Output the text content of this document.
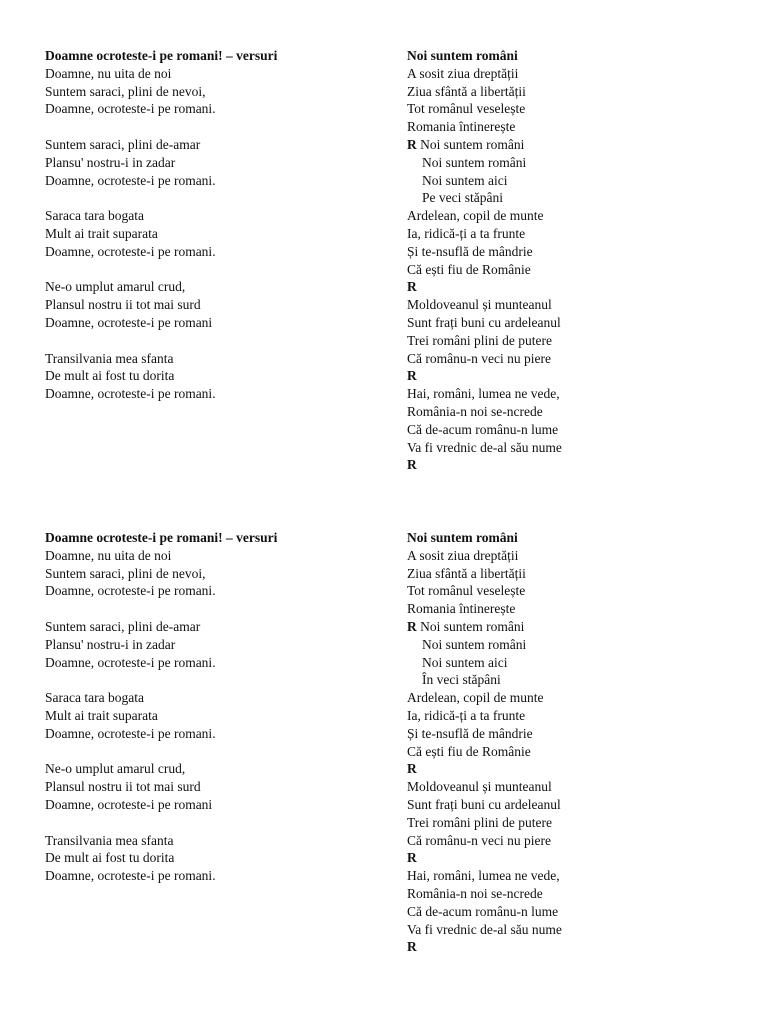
Doamne ocroteste-i pe romani! – versuri
Doamne, nu uita de noi
Suntem saraci, plini de nevoi,
Doamne, ocroteste-i pe romani.
Suntem saraci, plini de-amar
Plansu' nostru-i in zadar
Doamne, ocroteste-i pe romani.
Saraca tara bogata
Mult ai trait suparata
Doamne, ocroteste-i pe romani.
Ne-o umplut amarul crud,
Plansul nostru ii tot mai surd
Doamne, ocroteste-i pe romani
Transilvania mea sfanta
De mult ai fost tu dorita
Doamne, ocroteste-i pe romani.
Noi suntem români
A sosit ziua dreptății
Ziua sfântă a libertății
Tot românul veselește
Romania întinerește
R Noi suntem români
Noi suntem români
Noi suntem aici
Pe veci stăpâni
Ardelean, copil de munte
Ia, ridică-ți a ta frunte
Și te-nsuflă de mândrie
Că ești fiu de Românie
R
Moldoveanul și munteanul
Sunt frați buni cu ardeleanul
Trei români plini de putere
Că românu-n veci nu piere
R
Hai, români, lumea ne vede,
România-n noi se-ncrede
Că de-acum românu-n lume
Va fi vrednic de-al său nume
R
Doamne ocroteste-i pe romani! – versuri
Doamne, nu uita de noi
Suntem saraci, plini de nevoi,
Doamne, ocroteste-i pe romani.
Suntem saraci, plini de-amar
Plansu' nostru-i in zadar
Doamne, ocroteste-i pe romani.
Saraca tara bogata
Mult ai trait suparata
Doamne, ocroteste-i pe romani.
Ne-o umplut amarul crud,
Plansul nostru ii tot mai surd
Doamne, ocroteste-i pe romani
Transilvania mea sfanta
De mult ai fost tu dorita
Doamne, ocroteste-i pe romani.
Noi suntem români
A sosit ziua dreptății
Ziua sfântă a libertății
Tot românul veselește
Romania întinerește
R Noi suntem români
Noi suntem români
Noi suntem aici
În veci stăpâni
Ardelean, copil de munte
Ia, ridică-ți a ta frunte
Și te-nsuflă de mândrie
Că ești fiu de Românie
R
Moldoveanul și munteanul
Sunt frați buni cu ardeleanul
Trei români plini de putere
Că românu-n veci nu piere
R
Hai, români, lumea ne vede,
România-n noi se-ncrede
Că de-acum românu-n lume
Va fi vrednic de-al său nume
R
